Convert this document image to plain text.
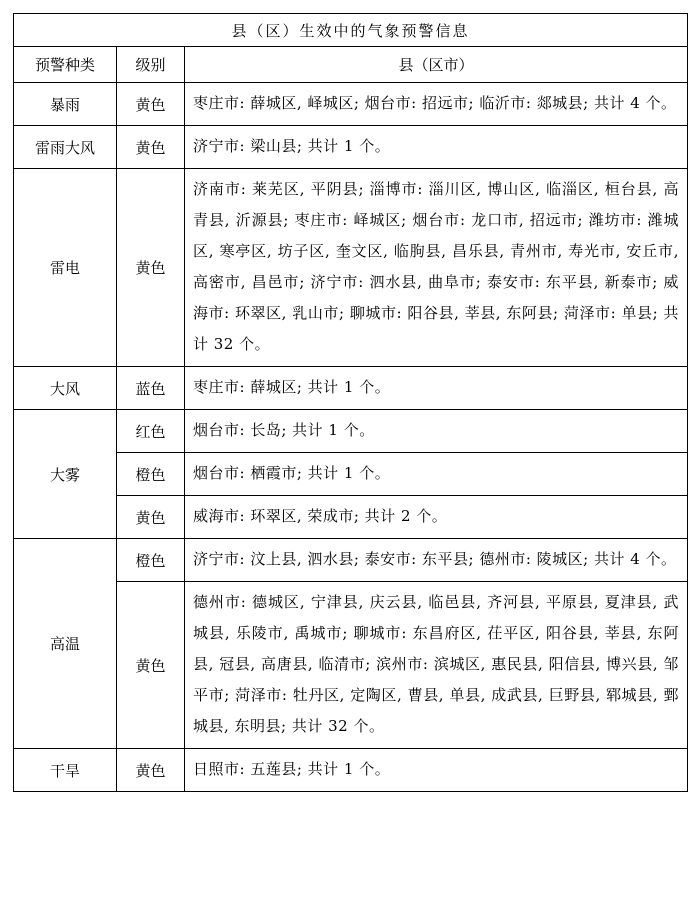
县（区）生效中的气象预警信息		
预警种类	级别	县（区市）
暴雨	黄色	枣庄市: 薛城区, 峄城区; 烟台市: 招远市; 临沂市: 郯城县; 共计 4 个。
雷雨大风	黄色	济宁市: 梁山县; 共计 1 个。
雷电	黄色	济南市: 莱芜区, 平阴县; 淄博市: 淄川区, 博山区, 临淄区, 桓台县, 高青县, 沂源县; 枣庄市: 峄城区; 烟台市: 龙口市, 招远市; 潍坊市: 潍城区, 寒亭区, 坊子区, 奎文区, 临朐县, 昌乐县, 青州市, 寿光市, 安丘市, 高密市, 昌邑市; 济宁市: 泗水县, 曲阜市; 泰安市: 东平县, 新泰市; 威海市: 环翠区, 乳山市; 聊城市: 阳谷县, 莘县, 东阿县; 菏泽市: 单县; 共计 32 个。
大风	蓝色	枣庄市: 薛城区; 共计 1 个。
大雾	红色	烟台市: 长岛; 共计 1 个。
	橙色	烟台市: 栖霞市; 共计 1 个。
	黄色	威海市: 环翠区, 荣成市; 共计 2 个。
高温	橙色	济宁市: 汶上县, 泗水县; 泰安市: 东平县; 德州市: 陵城区; 共计 4 个。
	黄色	德州市: 德城区, 宁津县, 庆云县, 临邑县, 齐河县, 平原县, 夏津县, 武城县, 乐陵市, 禹城市; 聊城市: 东昌府区, 茌平区, 阳谷县, 莘县, 东阿县, 冠县, 高唐县, 临清市; 滨州市: 滨城区, 惠民县, 阳信县, 博兴县, 邹平市; 菏泽市: 牡丹区, 定陶区, 曹县, 单县, 成武县, 巨野县, 郓城县, 鄄城县, 东明县; 共计 32 个。
干旱	黄色	日照市: 五莲县; 共计 1 个。
